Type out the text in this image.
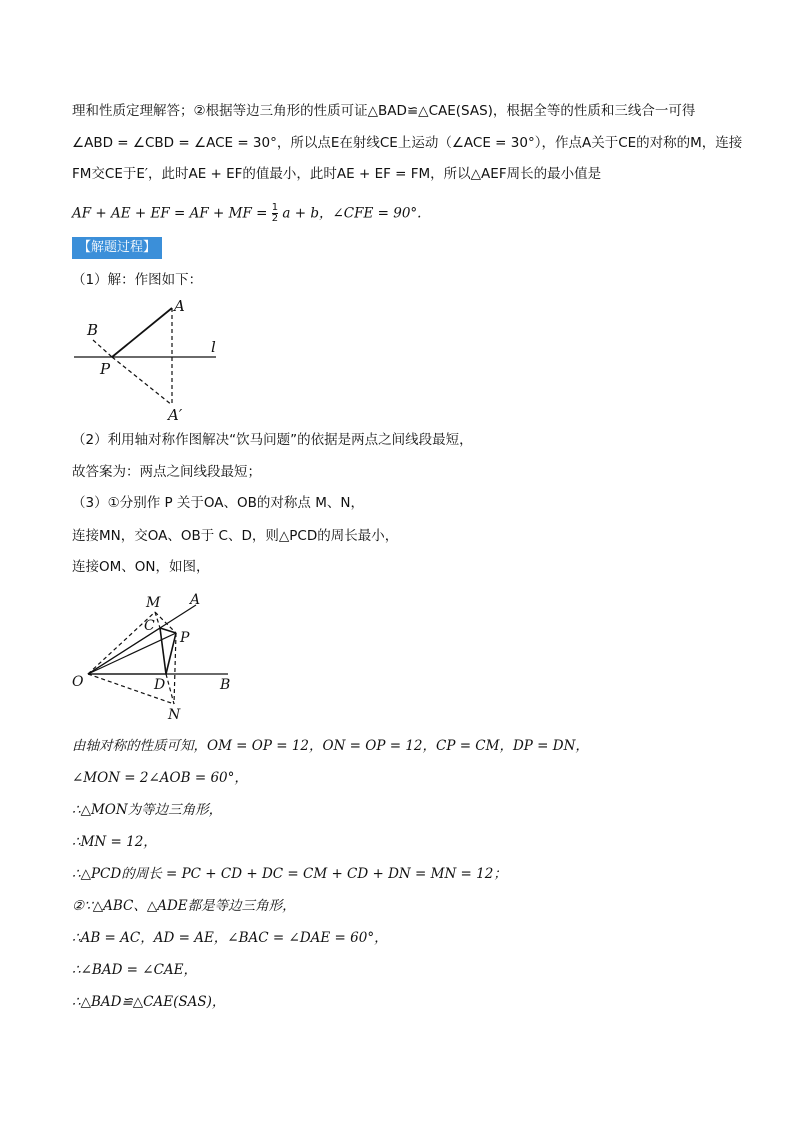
理和性质定理解答；②根据等边三角形的性质可证△BAD≌△CAE(SAS)，根据全等的性质和三线合一可得
∠ABD = ∠CBD = ∠ACE = 30°，所以点E在射线CE上运动（∠ACE = 30°），作点A关于CE的对称的M，连接
FM交CE于E′，此时AE + EF的值最小，此时AE + EF = FM，所以△AEF周长的最小值是
AF + AE + EF = AF + MF = $\frac{1}{2}$ a + b，∠CFE = 90°.
【解题过程】
（1）解：作图如下：
A
B
P
l
A′
（2）利用轴对称作图解决“饮马问题”的依据是两点之间线段最短，
故答案为：两点之间线段最短；
（3）①分别作 P 关于OA、OB的对称点 M、N，
连接MN，交OA、OB于 C、D，则△PCD的周长最小，
连接OM、ON，如图，
M A
C
P
O	D	B
N
由轴对称的性质可知，OM = OP = 12，ON = OP = 12，CP = CM，DP = DN，
∠MON = 2∠AOB = 60°，
∴△MON为等边三角形，
∴MN = 12，
∴△PCD的周长 = PC + CD + DC = CM + CD + DN = MN = 12；
②∵△ABC、△ADE都是等边三角形，
∴AB = AC，AD = AE，∠BAC = ∠DAE = 60°，
∴∠BAD = ∠CAE，
∴△BAD≌△CAE(SAS)，
